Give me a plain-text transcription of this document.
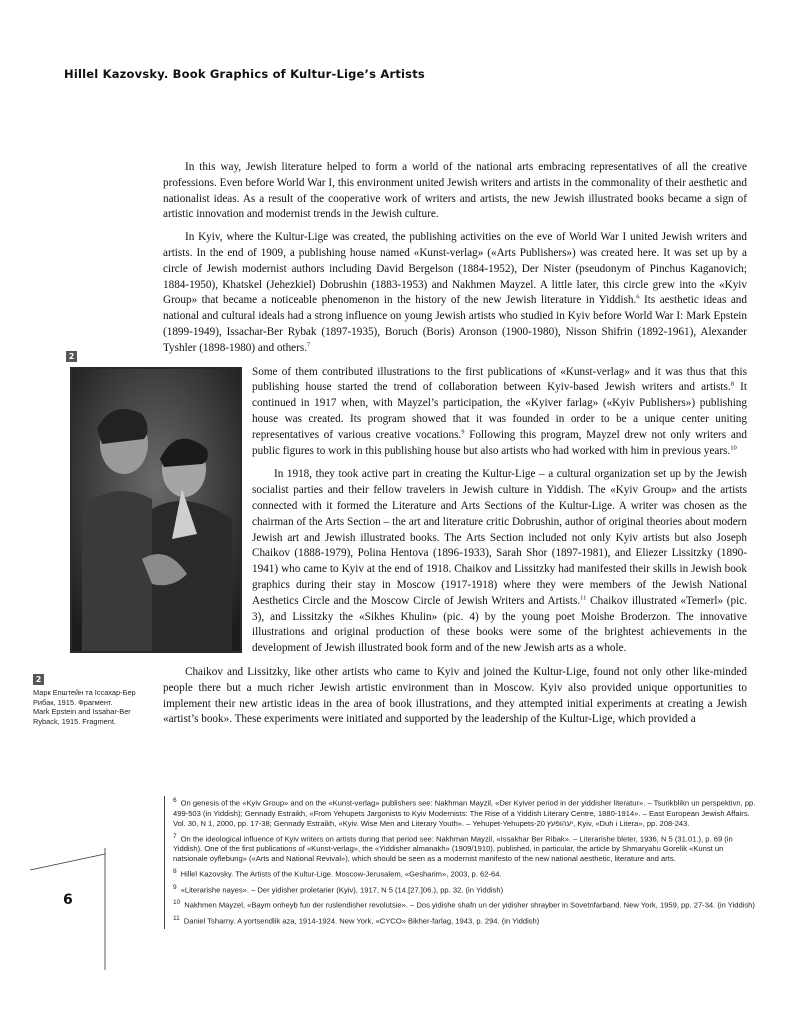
Hillel Kazovsky. Book Graphics of Kultur-Lige’s Artists

In this way, Jewish literature helped to form a world of the national arts embracing representatives of all the creative professions. Even before World War I, this environment united Jewish writers and artists in the commonality of their aesthetic and nationalist ideas. As a result of the cooperative work of writers and artists, the new Jewish illustrated books became a sign of artistic innovation and modernist trends in the Jewish culture.

In Kyiv, where the Kultur-Lige was created, the publishing activities on the eve of World War I united Jewish writers and artists. In the end of 1909, a publishing house named «Kunst-verlag» («Arts Publishers») was created here. It was set up by a circle of Jewish modernist authors including David Bergelson (1884-1952), Der Nister (pseudonym of Pinchus Kaganovich; 1884-1950), Khatskel (Jehezkiel) Dobrushin (1883-1953) and Nakhmen Mayzel. A little later, this circle grew into the «Kyiv Group» that became a noticeable phenomenon in the history of the new Jewish literature in Yiddish.$^6$ Its aesthetic ideas and national and cultural ideals had a strong influence on young Jewish artists who studied in Kyiv before World War I: Mark Epstein (1899-1949), Issachar-Ber Rybak (1897-1935), Boruch (Boris) Aronson (1900-1980), Nisson Shifrin (1892-1961), Alexander Tyshler (1898-1980) and others.$^7$

2

Some of them contributed illustrations to the first publications of «Kunst-verlag» and it was thus that this publishing house started the trend of collaboration between Kyiv-based Jewish writers and artists.$^8$ It continued in 1917 when, with Mayzel’s participation, the «Kyiver farlag» («Kyiv Publishers») publishing house was created. Its program showed that it was founded in order to be a unique center uniting representatives of various creative vocations.$^9$ Following this program, Mayzel drew not only writers and public figures to work in this publishing house but also artists who had worked with him in previous years.$^{10}$

In 1918, they took active part in creating the Kultur-Lige – a cultural organization set up by the Jewish socialist parties and their fellow travelers in Jewish culture in Yiddish. The «Kyiv Group» and the artists connected with it formed the Literature and Arts Sections of the Kultur-Lige. A writer was chosen as the chairman of the Arts Section – the art and literature critic Dobrushin, author of original theories about modern Jewish art and Jewish illustrated books. The Arts Section included not only Kyiv artists but also Joseph Chaikov (1888-1979), Polina Hentova (1896-1933), Sarah Shor (1897-1981), and Eliezer Lissitzky (1890-1941) who came to Kyiv at the end of 1918. Chaikov and Lissitzky had manifested their skills in Jewish book graphics during their stay in Moscow (1917-1918) where they were members of the Jewish National Aesthetics Circle and the Moscow Circle of Jewish Writers and Artists.$^{11}$ Chaikov illustrated «Temerl» (pic. 3), and Lissitzky the «Sikhes Khulin» (pic. 4) by the young poet Moishe Broderzon. The innovative illustrations and original production of these books were some of the brightest achievements in the development of Jewish illustrated book form and of the new Jewish arts as a whole.

Chaikov and Lissitzky, like other artists who came to Kyiv and joined the Kultur-Lige, found not only other like-minded people there but a much richer Jewish artistic environment than in Moscow. Kyiv also provided unique opportunities to implement their new artistic ideas in the area of book illustrations, and they attempted initial experiments at creating a Jewish «artist’s book». These experiments were initiated and supported by the leadership of the Kultur-Lige, which provided a

2
Марк Епштейн та Іссахар-Бер Рибак, 1915. Фрагмент.
Mark Epstein and Issahar-Ber Ryback, 1915. Fragment.
6 On genesis of the «Kyiv Group» and on the «Kunst-verlag» publishers see: Nakhman Mayzil, «Der Kyiver period in der yiddisher literatur». – Tsurikblikn un perspektivn, pp. 499-503 (in Yiddish); Gennady Estraikh, «From Yehupets Jargonists to Kyiv Modernists: The Rise of a Yiddish Literary Centre, 1880-1914». – East European Jewish Affairs. Vol. 30, N 1, 2000, pp. 17-38; Gennady Estraikh, «Kyiv. Wise Men and Literary Youth». – Yehupet-Yehupets-יעהופּעץ 20, Kyiv, «Duh i Litera», pp. 208-243.
7 On the ideological influence of Kyiv writers on artists during that period see: Nakhman Mayzil, «Issakhar Ber Ribak». – Literarishe bleter, 1936, N 5 (31.01.), p. 69 (in Yiddish). One of the first publications of «Kunst-verlag», the «Yiddisher almanakh» (1909/1910), published, in particular, the article by Shmaryahu Gorelik «Kunst un natsionale oyflebung» («Arts and National Revival»), which should be seen as a modernist manifesto of the new national aesthetic, literature and arts.
8 Hillel Kazovsky. The Artists of the Kultur-Lige. Moscow-Jerusalem, «Gesharim», 2003, p. 62-64.
9 «Literarishe nayes». – Der yidisher proletarier (Kyiv), 1917, N 5 (14.[27.]06.), pp. 32. (in Yiddish)
10 Nakhmen Mayzel, «Baym onheyb fun der ruslendisher revolutsie». – Dos yidishe shafn un der yidisher shrayber in Sovetnfarband. New York, 1959, pp. 27-34. (in Yiddish)
11 Daniel Tsharny. A yortsendlik aza, 1914-1924. New York, «CYCO» Bikher-farlag, 1943, p. 294. (in Yiddish)
6
